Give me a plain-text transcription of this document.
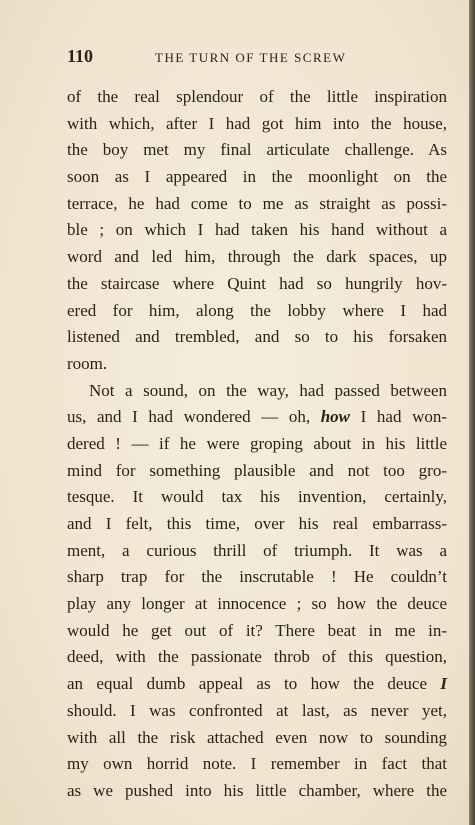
110	THE TURN OF THE SCREW
of the real splendour of the little inspiration
with which, after I had got him into the house,
the boy met my final articulate challenge. As
soon as I appeared in the moonlight on the
terrace, he had come to me as straight as possi-
ble ; on which I had taken his hand without a
word and led him, through the dark spaces, up
the staircase where Quint had so hungrily hov-
ered for him, along the lobby where I had
listened and trembled, and so to his forsaken
room.
Not a sound, on the way, had passed between
us, and I had wondered — oh, how I had won-
dered ! — if he were groping about in his little
mind for something plausible and not too gro-
tesque. It would tax his invention, certainly,
and I felt, this time, over his real embarrass-
ment, a curious thrill of triumph. It was a
sharp trap for the inscrutable ! He couldn’t
play any longer at innocence ; so how the deuce
would he get out of it? There beat in me in-
deed, with the passionate throb of this question,
an equal dumb appeal as to how the deuce I
should. I was confronted at last, as never yet,
with all the risk attached even now to sounding
my own horrid note. I remember in fact that
as we pushed into his little chamber, where the
